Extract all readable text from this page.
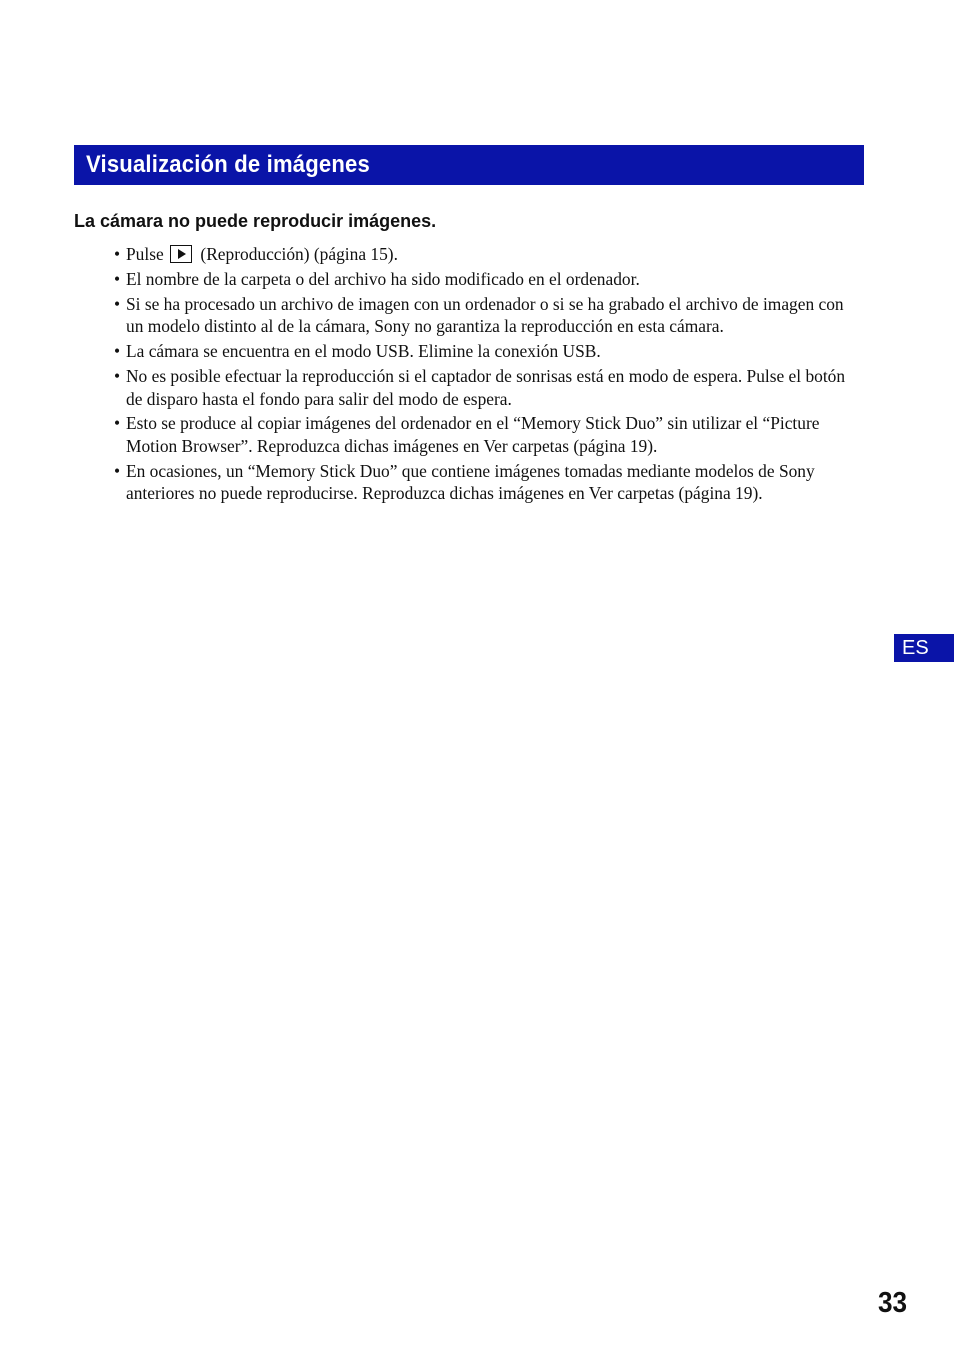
Visualización de imágenes
La cámara no puede reproducir imágenes.
• Pulse (Reproducción) (página 15).
• El nombre de la carpeta o del archivo ha sido modificado en el ordenador.
• Si se ha procesado un archivo de imagen con un ordenador o si se ha grabado el archivo de imagen con un modelo distinto al de la cámara, Sony no garantiza la reproducción en esta cámara.
• La cámara se encuentra en el modo USB. Elimine la conexión USB.
• No es posible efectuar la reproducción si el captador de sonrisas está en modo de espera. Pulse el botón de disparo hasta el fondo para salir del modo de espera.
• Esto se produce al copiar imágenes del ordenador en el “Memory Stick Duo” sin utilizar el “Picture Motion Browser”. Reproduzca dichas imágenes en Ver carpetas (página 19).
• En ocasiones, un “Memory Stick Duo” que contiene imágenes tomadas mediante modelos de Sony anteriores no puede reproducirse. Reproduzca dichas imágenes en Ver carpetas (página 19).
ES
33
